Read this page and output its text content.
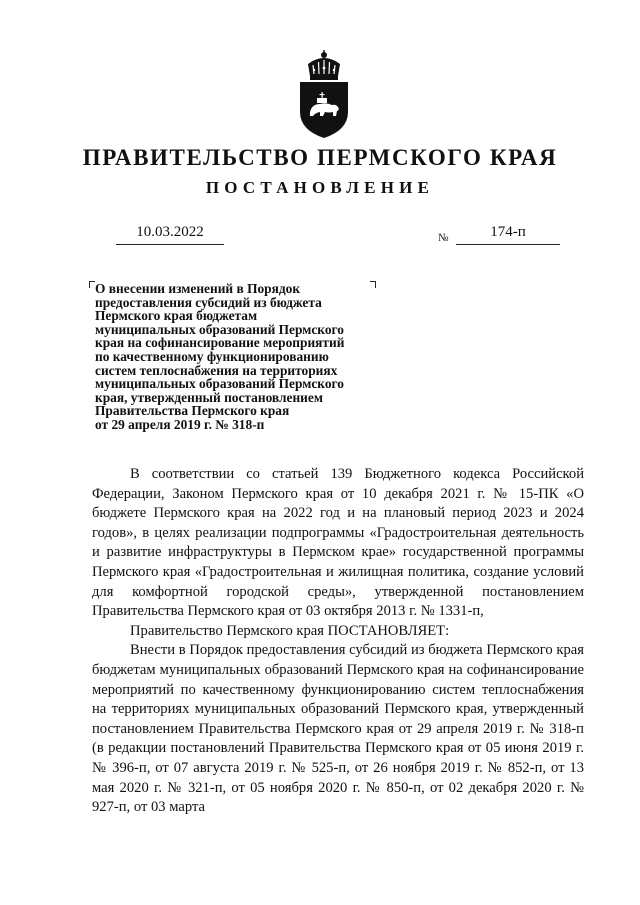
ПРАВИТЕЛЬСТВО ПЕРМСКОГО КРАЯ
ПОСТАНОВЛЕНИЕ
10.03.2022	№	174-п
О внесении изменений в Порядок
предоставления субсидий из бюджета
Пермского края бюджетам
муниципальных образований Пермского
края на софинансирование мероприятий
по качественному функционированию
систем теплоснабжения на территориях
муниципальных образований Пермского
края, утвержденный постановлением
Правительства Пермского края
от 29 апреля 2019 г. № 318-п

В соответствии со статьей 139 Бюджетного кодекса Российской Федерации, Законом Пермского края от 10 декабря 2021 г. № 15-ПК «О бюджете Пермского края на 2022 год и на плановый период 2023 и 2024 годов», в целях реализации подпрограммы «Градостроительная деятельность и развитие инфраструктуры в Пермском крае» государственной программы Пермского края «Градостроительная и жилищная политика, создание условий для комфортной городской среды», утвержденной постановлением Правительства Пермского края от 03 октября 2013 г. № 1331-п,

Правительство Пермского края ПОСТАНОВЛЯЕТ:

Внести в Порядок предоставления субсидий из бюджета Пермского края бюджетам муниципальных образований Пермского края на софинансирование мероприятий по качественному функционированию систем теплоснабжения на территориях муниципальных образований Пермского края, утвержденный постановлением Правительства Пермского края от 29 апреля 2019 г. № 318-п (в редакции постановлений Правительства Пермского края от 05 июня 2019 г. № 396-п, от 07 августа 2019 г. № 525-п, от 26 ноября 2019 г. № 852-п, от 13 мая 2020 г. № 321-п, от 05 ноября 2020 г. № 850-п, от 02 декабря 2020 г. № 927-п, от 03 марта
